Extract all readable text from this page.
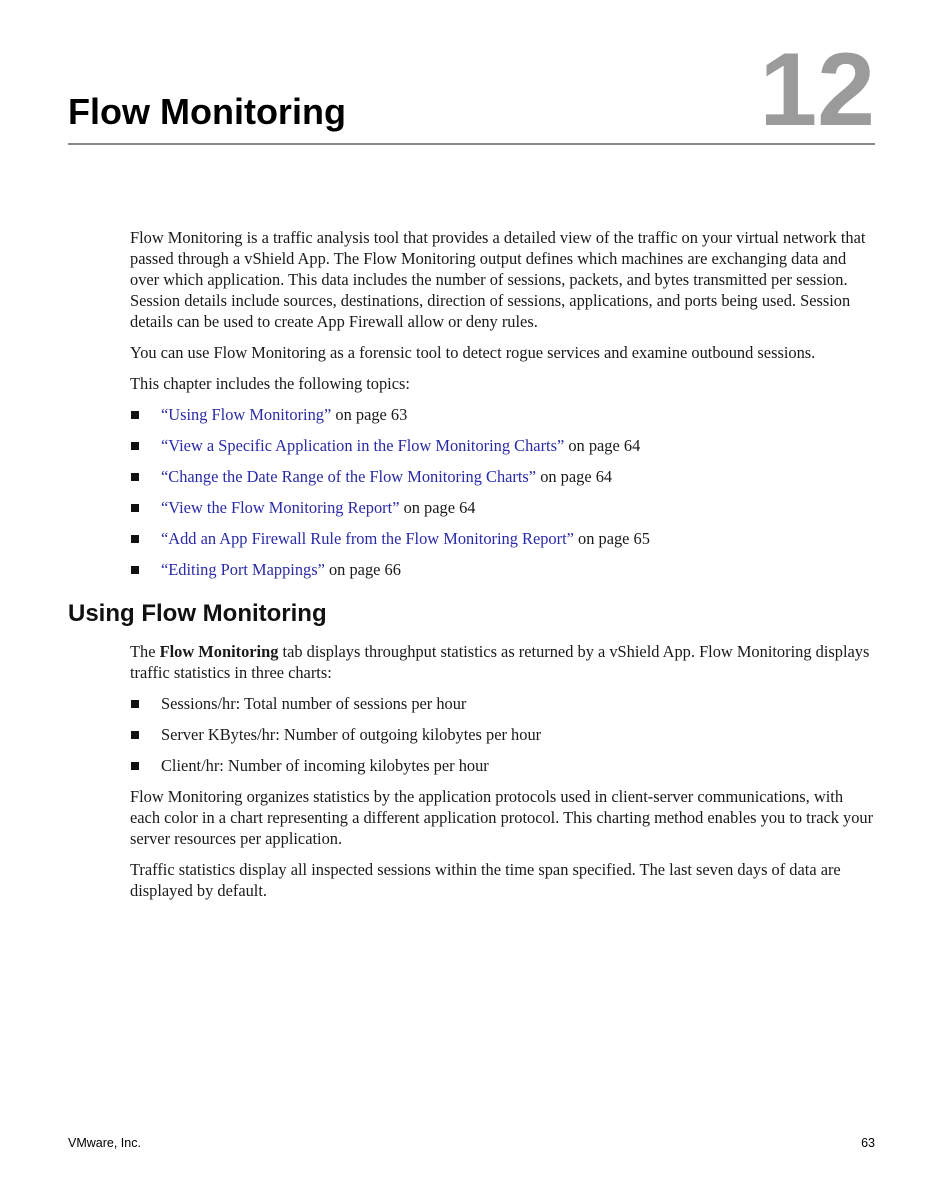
12
Flow Monitoring

Flow Monitoring is a traffic analysis tool that provides a detailed view of the traffic on your virtual network that passed through a vShield App. The Flow Monitoring output defines which machines are exchanging data and over which application. This data includes the number of sessions, packets, and bytes transmitted per session. Session details include sources, destinations, direction of sessions, applications, and ports being used. Session details can be used to create App Firewall allow or deny rules.

You can use Flow Monitoring as a forensic tool to detect rogue services and examine outbound sessions.

This chapter includes the following topics:

“Using Flow Monitoring” on page 63
“View a Specific Application in the Flow Monitoring Charts” on page 64
“Change the Date Range of the Flow Monitoring Charts” on page 64
“View the Flow Monitoring Report” on page 64
“Add an App Firewall Rule from the Flow Monitoring Report” on page 65
“Editing Port Mappings” on page 66
Using Flow Monitoring

The Flow Monitoring tab displays throughput statistics as returned by a vShield App. Flow Monitoring displays traffic statistics in three charts:

Sessions/hr: Total number of sessions per hour
Server KBytes/hr: Number of outgoing kilobytes per hour
Client/hr: Number of incoming kilobytes per hour

Flow Monitoring organizes statistics by the application protocols used in client-server communications, with each color in a chart representing a different application protocol. This charting method enables you to track your server resources per application.

Traffic statistics display all inspected sessions within the time span specified. The last seven days of data are displayed by default.

VMware, Inc.	63
